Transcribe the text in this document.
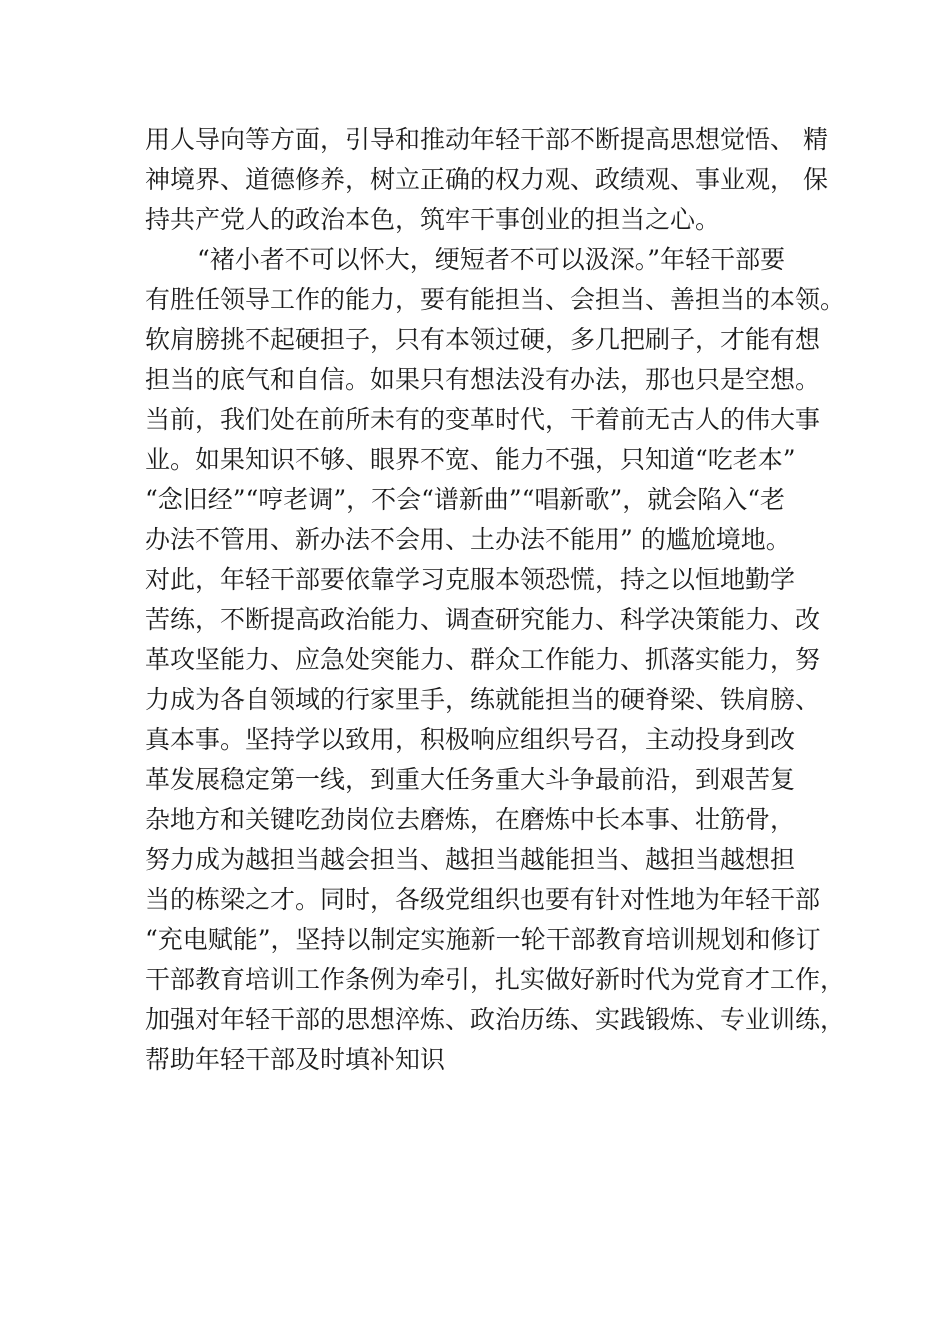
用人导向等方面，引导和推动年轻干部不断提高思想觉悟、 精
神境界、道德修养，树立正确的权力观、政绩观、事业观， 保
持共产党人的政治本色，筑牢干事创业的担当之心。
“褚小者不可以怀大，绠短者不可以汲深。”年轻干部要
有胜任领导工作的能力，要有能担当、会担当、善担当的本领。
软肩膀挑不起硬担子，只有本领过硬，多几把刷子，才能有想
担当的底气和自信。如果只有想法没有办法，那也只是空想。
当前，我们处在前所未有的变革时代，干着前无古人的伟大事
业。如果知识不够、眼界不宽、能力不强，只知道“吃老本”
“念旧经”“哼老调”，不会“谱新曲”“唱新歌”，就会陷入“老
办法不管用、新办法不会用、土办法不能用” 的尴尬境地。
对此，年轻干部要依靠学习克服本领恐慌，持之以恒地勤学
苦练，不断提高政治能力、调查研究能力、科学决策能力、改
革攻坚能力、应急处突能力、群众工作能力、抓落实能力，努
力成为各自领域的行家里手，练就能担当的硬脊梁、铁肩膀、
真本事。坚持学以致用，积极响应组织号召，主动投身到改
革发展稳定第一线，到重大任务重大斗争最前沿，到艰苦复
杂地方和关键吃劲岗位去磨炼，在磨炼中长本事、壮筋骨，
努力成为越担当越会担当、越担当越能担当、越担当越想担
当的栋梁之才。同时，各级党组织也要有针对性地为年轻干部
“充电赋能”，坚持以制定实施新一轮干部教育培训规划和修订
干部教育培训工作条例为牵引，扎实做好新时代为党育才工作，
加强对年轻干部的思想淬炼、政治历练、实践锻炼、专业训练，
帮助年轻干部及时填补知识
